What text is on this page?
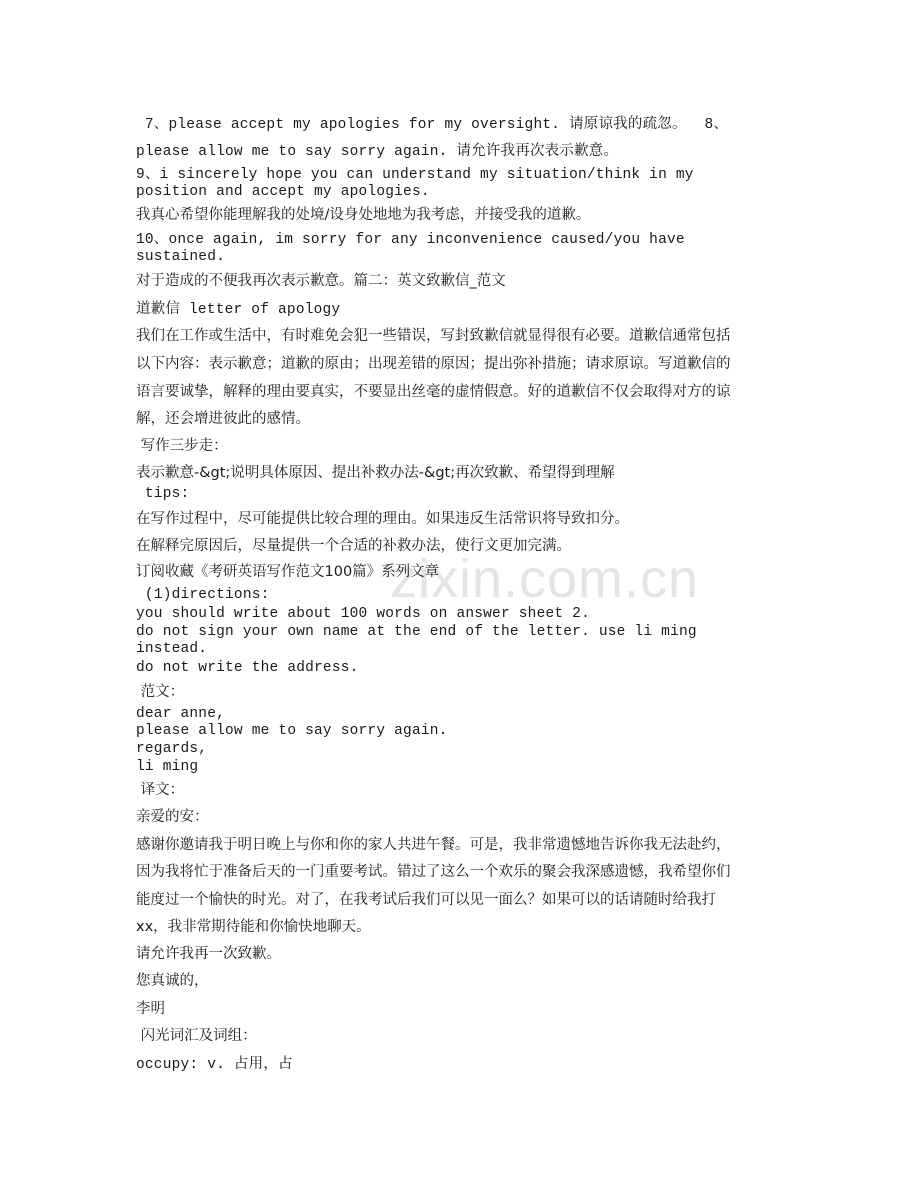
zixin.com.cn
7、please accept my apologies for my oversight. 请原谅我的疏忽。  8、
please allow me to say sorry again. 请允许我再次表示歉意。
9、i sincerely hope you can understand my situation/think in my
position and accept my apologies.
我真心希望你能理解我的处境/设身处地地为我考虑，并接受我的道歉。
10、once again, im sorry for any inconvenience caused/you have
sustained.
对于造成的不便我再次表示歉意。篇二：英文致歉信_范文
道歉信 letter of apology
我们在工作或生活中，有时难免会犯一些错误，写封致歉信就显得很有必要。道歉信通常包括
以下内容：表示歉意；道歉的原由；出现差错的原因；提出弥补措施；请求原谅。写道歉信的
语言要诚挚，解释的理由要真实，不要显出丝毫的虚情假意。好的道歉信不仅会取得对方的谅
解，还会增进彼此的感情。
写作三步走：
表示歉意-&gt;说明具体原因、提出补救办法-&gt;再次致歉、希望得到理解
tips:
在写作过程中，尽可能提供比较合理的理由。如果违反生活常识将导致扣分。
在解释完原因后，尽量提供一个合适的补救办法，使行文更加完满。
订阅收藏《考研英语写作范文100篇》系列文章
(1)directions:
you should write about 100 words on answer sheet 2.
do not sign your own name at the end of the letter. use li ming
instead.
do not write the address.
范文：
dear anne,
please allow me to say sorry again.
regards,
li ming
译文：
亲爱的安：
感谢你邀请我于明日晚上与你和你的家人共进午餐。可是，我非常遗憾地告诉你我无法赴约，
因为我将忙于准备后天的一门重要考试。错过了这么一个欢乐的聚会我深感遗憾，我希望你们
能度过一个愉快的时光。对了，在我考试后我们可以见一面么？如果可以的话请随时给我打
xx，我非常期待能和你愉快地聊天。
请允许我再一次致歉。
您真诚的，
李明
闪光词汇及词组：
occupy: v. 占用，占
